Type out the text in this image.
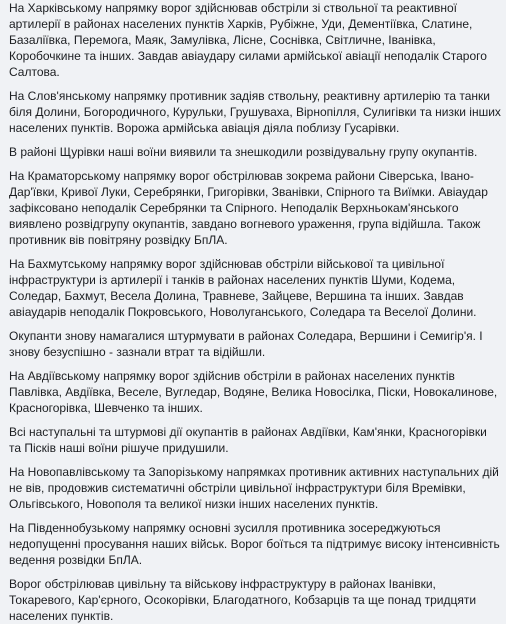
На Харківському напрямку ворог здійснював обстріли зі ствольної та реактивної артилерії в районах населених пунктів Харків, Рубіжне, Уди, Дементіївка, Слатине, Базаліївка, Перемога, Маяк, Замулівка, Лісне, Соснівка, Світличне, Іванівка, Коробочкине та інших. Завдав авіаудару силами армійської авіації неподалік Старого Салтова.

На Слов'янському напрямку противник задіяв ствольну, реактивну артилерію та танки біля Долини, Богородичного, Курульки, Грушуваха, Вірнопілля, Сулигівки та низки інших населених пунктів. Ворожа армійська авіація діяла поблизу Гусарівки.

В районі Щурівки наші воїни виявили та знешкодили розвідувальну групу окупантів.

На Краматорському напрямку ворог обстрілював зокрема райони Сіверська, Івано-Дар'ївки, Кривої Луки, Серебрянки, Григорівки, Званівки, Спірного та Виїмки. Авіаудар зафіксовано неподалік Серебрянки та Спірного. Неподалік Верхньокам'янського виявлено розвідгрупу окупантів, завдано вогневого ураження, група відійшла. Також противник вів повітряну розвідку БпЛА.

На Бахмутському напрямку ворог здійснював обстріли військової та цивільної інфраструктури із артилерії і танків в районах населених пунктів Шуми, Кодема, Соледар, Бахмут, Весела Долина, Травневе, Зайцеве, Вершина та інших. Завдав авіаударів неподалік Покровського, Новолуганського, Соледара та Веселої Долини.

Окупанти знову намагалися штурмувати в районах Соледара, Вершини і Семигір'я. І знову безуспішно - зазнали втрат та відійшли.

На Авдіївському напрямку ворог здійснив обстріли в районах населених пунктів Павлівка, Авдіївка, Веселе, Вугледар, Водяне, Велика Новосілка, Піски, Новокалинове, Красногорівка, Шевченко та інших.

Всі наступальні та штурмові дії окупантів в районах Авдіївки, Кам'янки, Красногорівки та Пісків наші воїни рішуче придушили.

На Новопавлівському та Запорізькому напрямках противник активних наступальних дій не вів, продовжив систематичні обстріли цивільної інфраструктури біля Времівки, Ольгівського, Новополя та великої низки інших населених пунктів.

На Південнобузькому напрямку основні зусилля противника зосереджуються недопущенні просування наших військ. Ворог боїться та підтримує високу інтенсивність ведення розвідки БпЛА.

Ворог обстрілював цивільну та військову інфраструктуру в районах Іванівки, Токаревого, Кар'єрного, Осокорівки, Благодатного, Кобзарців та ще понад тридцяти населених пунктів.
